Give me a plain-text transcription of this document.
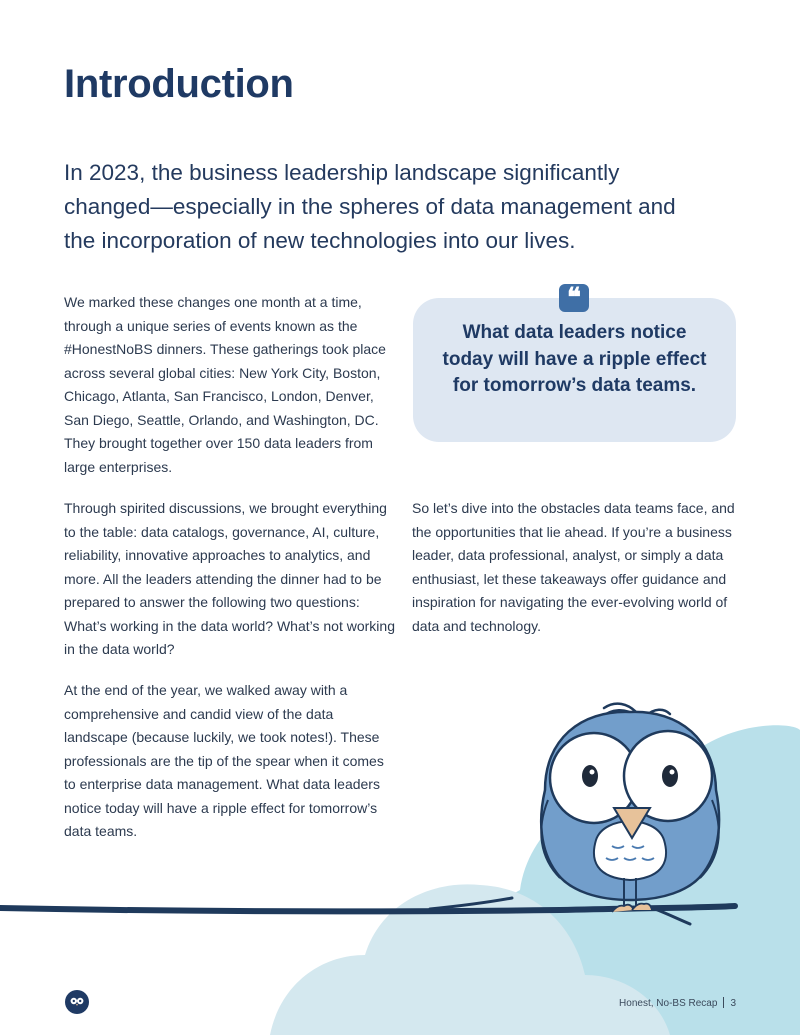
Introduction
In 2023, the business leadership landscape significantly changed—especially in the spheres of data management and the incorporation of new technologies into our lives.
We marked these changes one month at a time, through a unique series of events known as the #HonestNoBS dinners. These gatherings took place across several global cities: New York City, Boston, Chicago, Atlanta, San Francisco, London, Denver, San Diego, Seattle, Orlando, and Washington, DC. They brought together over 150 data leaders from large enterprises.
Through spirited discussions, we brought everything to the table: data catalogs, governance, AI, culture, reliability, innovative approaches to analytics, and more. All the leaders attending the dinner had to be prepared to answer the following two questions: What’s working in the data world? What’s not working in the data world?
At the end of the year, we walked away with a comprehensive and candid view of the data landscape (because luckily, we took notes!). These professionals are the tip of the spear when it comes to enterprise data management. What data leaders notice today will have a ripple effect for tomorrow’s data teams.
So let’s dive into the obstacles data teams face, and the opportunities that lie ahead. If you’re a business leader, data professional, analyst, or simply a data enthusiast, let these takeaways offer guidance and inspiration for navigating the ever-evolving world of data and technology.
What data leaders notice today will have a ripple effect for tomorrow’s data teams.
❝
Honest, No-BS Recap 3
